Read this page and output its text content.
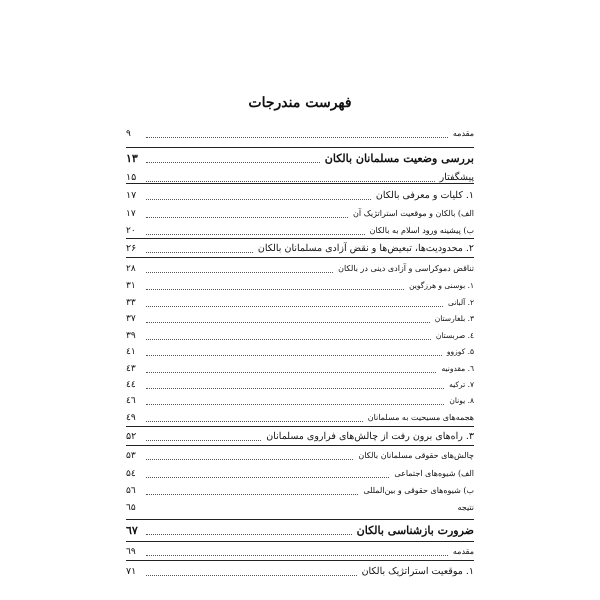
فهرست مندرجات
مقدمه
۹
بررسی وضعیت مسلمانان بالکان
۱۳
پیشگفتار
۱۵
۱. کلیات و معرفی بالکان
۱۷
الف) بالکان و موقعیت استراتژیک آن
۱۷
ب) پیشینه ورود اسلام به بالکان
۲۰
۲. محدودیت‌ها، تبعیض‌ها و نقض آزادی مسلمانان بالکان
۲۶
تناقض دموکراسی و آزادی دینی در بالکان
۲۸
۱. بوسنی و هرزگوین
۳۱
۲. آلبانی
۳۳
۳. بلغارستان
۳۷
٤. صربستان
۳۹
۵. کوزوو
٤۱
٦. مقدونیه
٤۳
۷. ترکیه
٤٤
۸. یونان
٤٦
هجمه‌های مسیحیت به مسلمانان
٤۹
۳. راه‌های برون رفت از چالش‌های فراروی مسلمانان
۵۲
چالش‌های حقوقی مسلمانان بالکان
۵۳
الف) شیوه‌های اجتماعی
۵٤
ب) شیوه‌های حقوقی و بین‌المللی
۵٦
نتیجه
٦۵
ضرورت بازشناسی بالکان
٦۷
مقدمه
٦۹
۱. موقعیت استراتژیک بالکان
۷۱
